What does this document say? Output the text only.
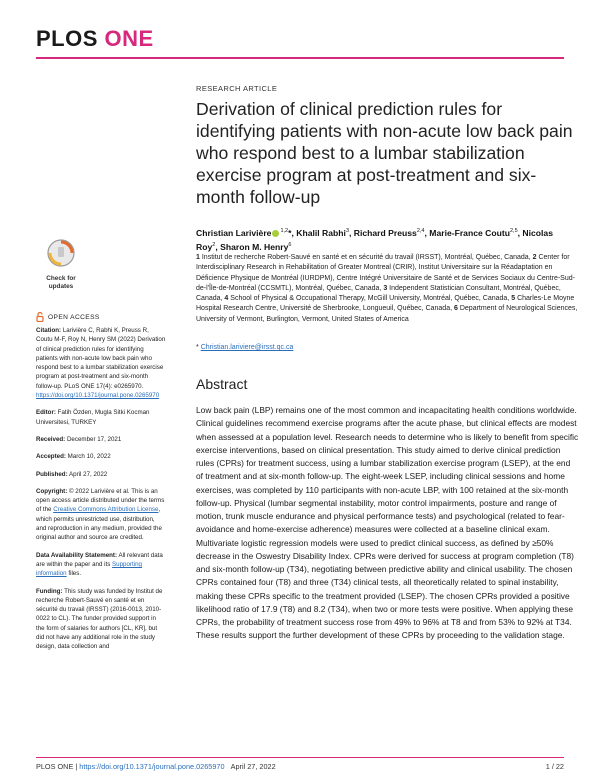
PLOS ONE
Check for updates
OPEN ACCESS
Citation: Larivière C, Rabhi K, Preuss R, Coutu M-F, Roy N, Henry SM (2022) Derivation of clinical prediction rules for identifying patients with non-acute low back pain who respond best to a lumbar stabilization exercise program at post-treatment and six-month follow-up. PLoS ONE 17(4): e0265970. https://doi.org/10.1371/journal.pone.0265970
Editor: Fatih Özden, Mugla Sitki Kocman Universitesi, TURKEY
Received: December 17, 2021
Accepted: March 10, 2022
Published: April 27, 2022
Copyright: © 2022 Larivière et al. This is an open access article distributed under the terms of the Creative Commons Attribution License, which permits unrestricted use, distribution, and reproduction in any medium, provided the original author and source are credited.
Data Availability Statement: All relevant data are within the paper and its Supporting information files.
Funding: This study was funded by Institut de recherche Robert-Sauvé en santé et en sécurité du travail (IRSST) (2016-0013, 2010-0022 to CL). The funder provided support in the form of salaries for authors [CL, KR], but did not have any additional role in the study design, data collection and
RESEARCH ARTICLE
Derivation of clinical prediction rules for identifying patients with non-acute low back pain who respond best to a lumbar stabilization exercise program at post-treatment and six-month follow-up
Christian Larivière $^{1,2}$*, Khalil Rabhi$^3$, Richard Preuss$^{2,4}$, Marie-France Coutu$^{2,5}$, Nicolas Roy$^2$, Sharon M. Henry$^6$
1 Institut de recherche Robert-Sauvé en santé et en sécurité du travail (IRSST), Montréal, Québec, Canada, 2 Center for Interdisciplinary Research in Rehabilitation of Greater Montreal (CRIR), Institut Universitaire sur la Réadaptation en Déficience Physique de Montréal (IURDPM), Centre Intégré Universitaire de Santé et de Services Sociaux du Centre-Sud-de-l'Île-de-Montréal (CCSMTL), Montréal, Québec, Canada, 3 Independent Statistician Consultant, Montréal, Québec, Canada, 4 School of Physical & Occupational Therapy, McGill University, Montréal, Québec, Canada, 5 Charles-Le Moyne Hospital Research Centre, Université de Sherbrooke, Longueuil, Québec, Canada, 6 Department of Neurological Sciences, University of Vermont, Burlington, Vermont, United States of America
* Christian.lariviere@irsst.qc.ca
Abstract
Low back pain (LBP) remains one of the most common and incapacitating health conditions worldwide. Clinical guidelines recommend exercise programs after the acute phase, but clinical effects are modest when assessed at a population level. Research needs to determine who is likely to benefit from specific exercise interventions, based on clinical presentation. This study aimed to derive clinical prediction rules (CPRs) for treatment success, using a lumbar stabilization exercise program (LSEP), at the end of treatment and at six-month follow-up. The eight-week LSEP, including clinical sessions and home exercises, was completed by 110 participants with non-acute LBP, with 100 retained at the six-month follow-up. Physical (lumbar segmental instability, motor control impairments, posture and range of motion, trunk muscle endurance and physical performance tests) and psychological (related to fear-avoidance and home-exercise adherence) measures were collected at a baseline clinical exam. Multivariate logistic regression models were used to predict clinical success, as defined by ≥50% decrease in the Oswestry Disability Index. CPRs were derived for success at program completion (T8) and six-month follow-up (T34), negotiating between predictive ability and clinical usability. The chosen CPRs contained four (T8) and three (T34) clinical tests, all theoretically related to spinal instability, making these CPRs specific to the treatment provided (LSEP). The chosen CPRs provided a positive likelihood ratio of 17.9 (T8) and 8.2 (T34), when two or more tests were positive. When applying these CPRs, the probability of treatment success rose from 49% to 96% at T8 and from 53% to 92% at T34. These results support the further development of these CPRs by proceeding to the validation stage.
PLOS ONE | https://doi.org/10.1371/journal.pone.0265970 April 27, 2022	1 / 22
